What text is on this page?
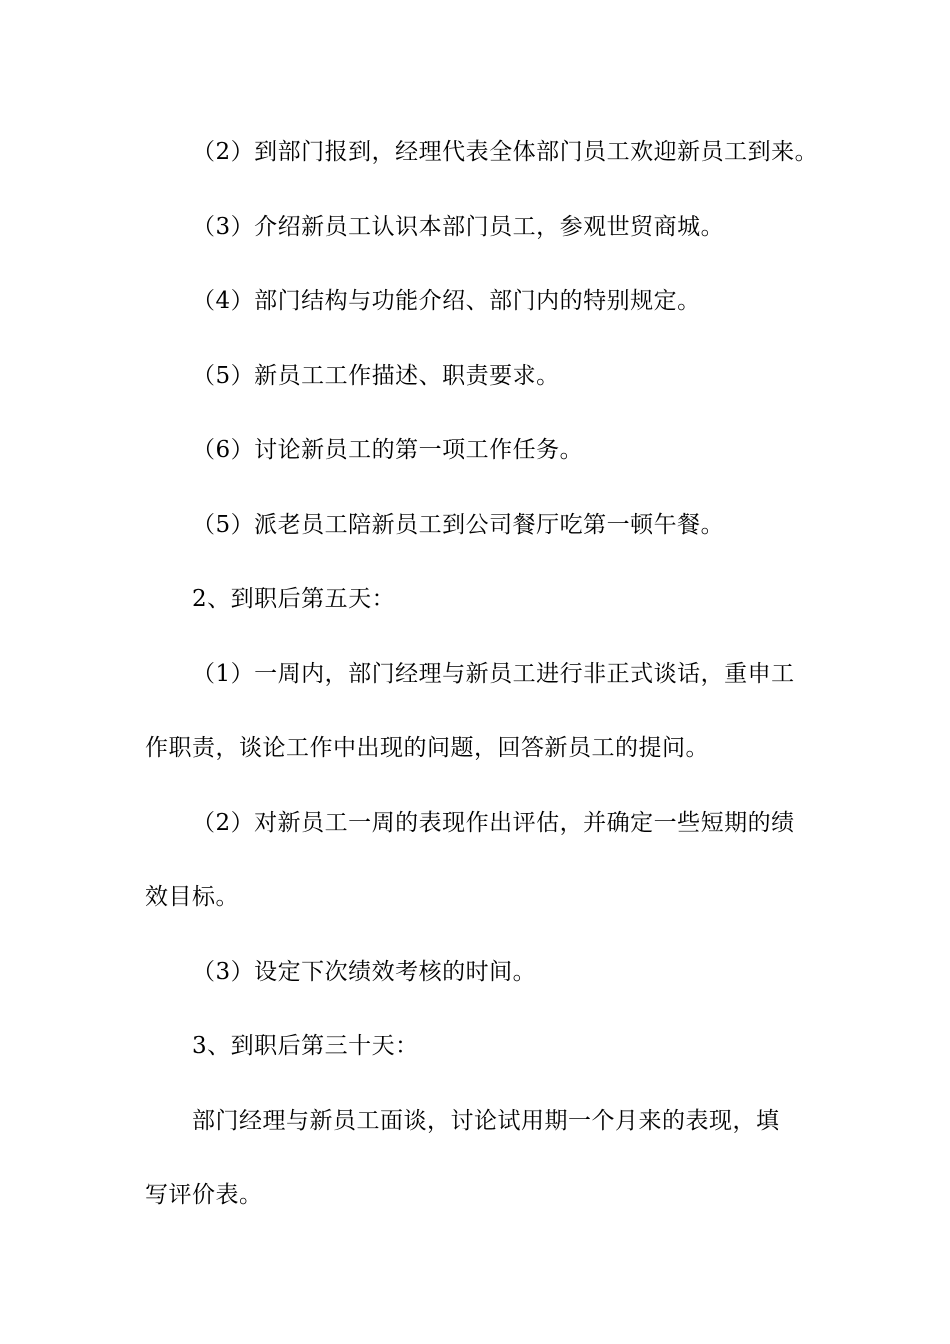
（2）到部门报到，经理代表全体部门员工欢迎新员工到来。
（3）介绍新员工认识本部门员工，参观世贸商城。
（4）部门结构与功能介绍、部门内的特别规定。
（5）新员工工作描述、职责要求。
（6）讨论新员工的第一项工作任务。
（5）派老员工陪新员工到公司餐厅吃第一顿午餐。
2、到职后第五天：
（1）一周内，部门经理与新员工进行非正式谈话，重申工
作职责，谈论工作中出现的问题，回答新员工的提问。
（2）对新员工一周的表现作出评估，并确定一些短期的绩
效目标。
（3）设定下次绩效考核的时间。
3、到职后第三十天：
部门经理与新员工面谈，讨论试用期一个月来的表现，填
写评价表。
